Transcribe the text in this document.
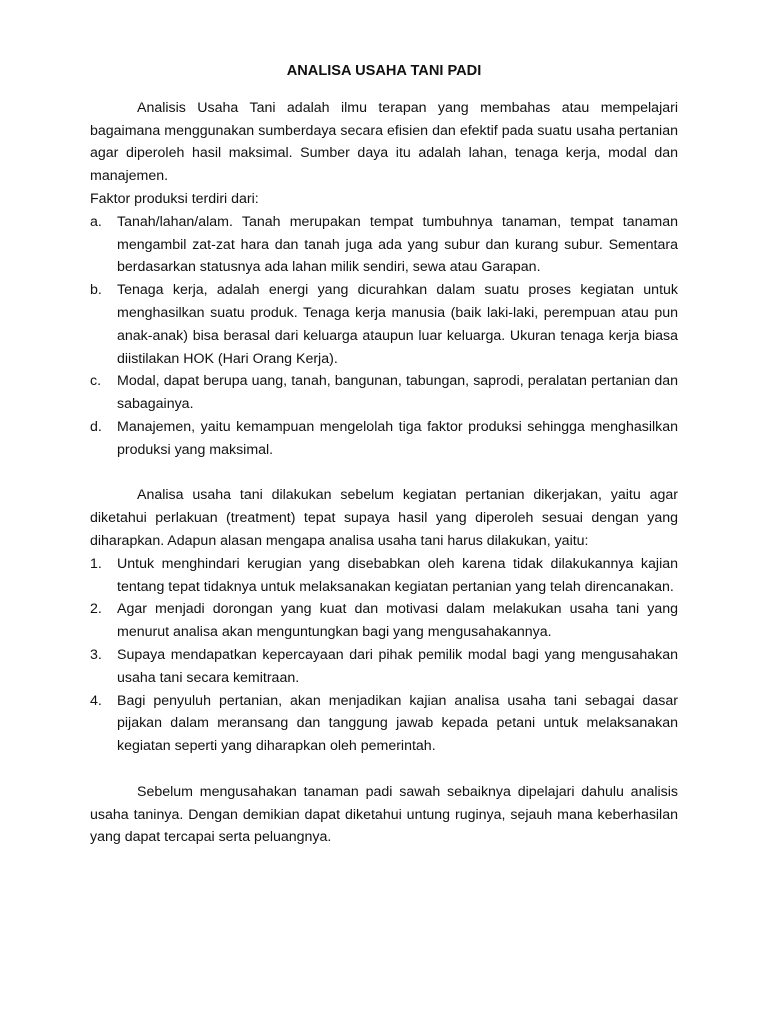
ANALISA USAHA TANI PADI

Analisis Usaha Tani adalah ilmu terapan yang membahas atau mempelajari bagaimana menggunakan sumberdaya secara efisien dan efektif pada suatu usaha pertanian agar diperoleh hasil maksimal. Sumber daya itu adalah lahan, tenaga kerja, modal dan manajemen.

Faktor produksi terdiri dari:

a. Tanah/lahan/alam. Tanah merupakan tempat tumbuhnya tanaman, tempat tanaman mengambil zat-zat hara dan tanah juga ada yang subur dan kurang subur. Sementara berdasarkan statusnya ada lahan milik sendiri, sewa atau Garapan.
b. Tenaga kerja, adalah energi yang dicurahkan dalam suatu proses kegiatan untuk menghasilkan suatu produk. Tenaga kerja manusia (baik laki-laki, perempuan atau pun anak-anak) bisa berasal dari keluarga ataupun luar keluarga. Ukuran tenaga kerja biasa diistilakan HOK (Hari Orang Kerja).
c. Modal, dapat berupa uang, tanah, bangunan, tabungan, saprodi, peralatan pertanian dan sabagainya.
d. Manajemen, yaitu kemampuan mengelolah tiga faktor produksi sehingga menghasilkan produksi yang maksimal.

Analisa usaha tani dilakukan sebelum kegiatan pertanian dikerjakan, yaitu agar diketahui perlakuan (treatment) tepat supaya hasil yang diperoleh sesuai dengan yang diharapkan. Adapun alasan mengapa analisa usaha tani harus dilakukan, yaitu:

1. Untuk menghindari kerugian yang disebabkan oleh karena tidak dilakukannya kajian tentang tepat tidaknya untuk melaksanakan kegiatan pertanian yang telah direncanakan.
2. Agar menjadi dorongan yang kuat dan motivasi dalam melakukan usaha tani yang menurut analisa akan menguntungkan bagi yang mengusahakannya.
3. Supaya mendapatkan kepercayaan dari pihak pemilik modal bagi yang mengusahakan usaha tani secara kemitraan.
4. Bagi penyuluh pertanian, akan menjadikan kajian analisa usaha tani sebagai dasar pijakan dalam meransang dan tanggung jawab kepada petani untuk melaksanakan kegiatan seperti yang diharapkan oleh pemerintah.

Sebelum mengusahakan tanaman padi sawah sebaiknya dipelajari dahulu analisis usaha taninya. Dengan demikian dapat diketahui untung ruginya, sejauh mana keberhasilan yang dapat tercapai serta peluangnya.
